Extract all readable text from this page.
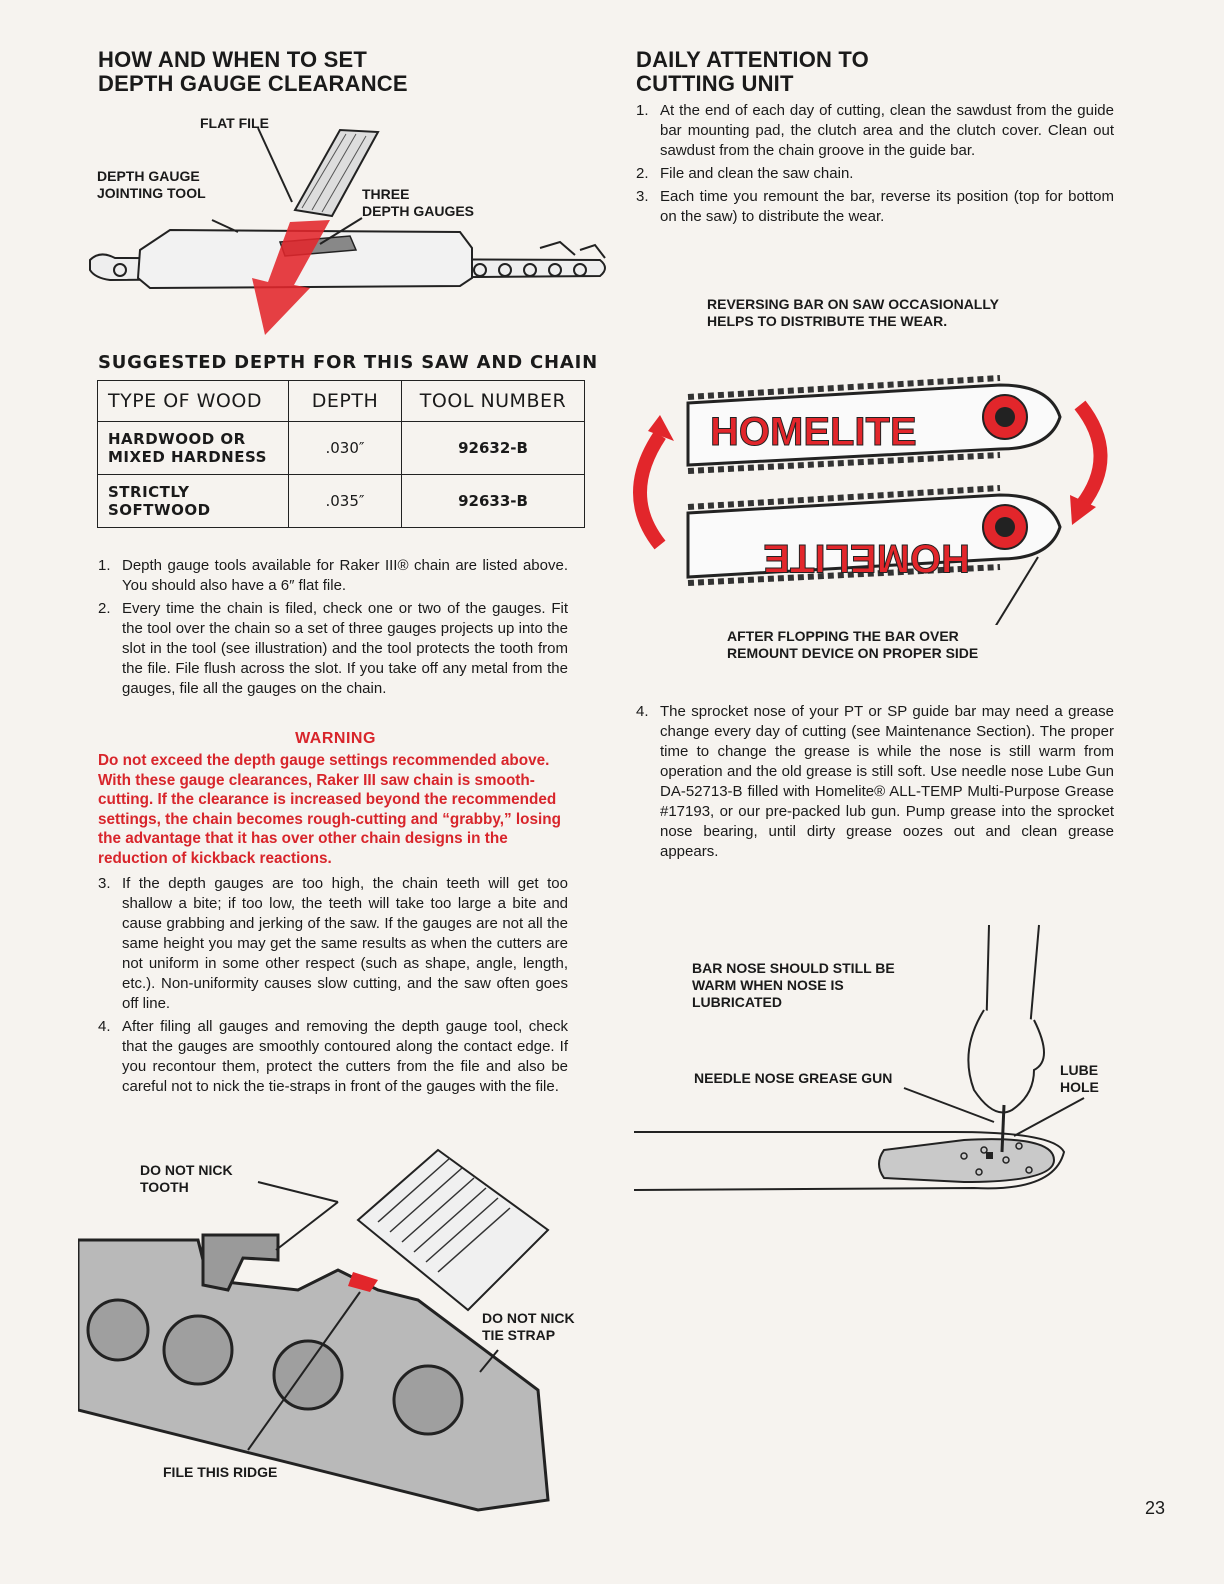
HOW AND WHEN TO SET
DEPTH GAUGE CLEARANCE
FLAT FILE
DEPTH GAUGE
JOINTING TOOL	THREE
DEPTH GAUGES
SUGGESTED DEPTH FOR THIS SAW AND CHAIN
TYPE OF WOOD	DEPTH	TOOL NUMBER
HARDWOOD OR
MIXED HARDNESS	.030″	92632-B
STRICTLY
SOFTWOOD	.035″	92633-B
1. Depth gauge tools available for Raker III® chain are listed above. You should also have a 6″ flat file.
2. Every time the chain is filed, check one or two of the gauges. Fit the tool over the chain so a set of three gauges projects up into the slot in the tool (see illustration) and the tool protects the tooth from the file. File flush across the slot. If you take off any metal from the gauges, file all the gauges on the chain.
WARNING
Do not exceed the depth gauge settings recommended above. With these gauge clearances, Raker III saw chain is smooth-cutting. If the clearance is increased beyond the recommended settings, the chain becomes rough-cutting and “grabby,” losing the advantage that it has over other chain designs in the reduction of kickback reactions.
3. If the depth gauges are too high, the chain teeth will get too shallow a bite; if too low, the teeth will take too large a bite and cause grabbing and jerking of the saw. If the gauges are not all the same height you may get the same results as when the cutters are not uniform in some other respect (such as shape, angle, length, etc.). Non-uniformity causes slow cutting, and the saw often goes off line.
4. After filing all gauges and removing the depth gauge tool, check that the gauges are smoothly contoured along the contact edge. If you recontour them, protect the cutters from the file and also be careful not to nick the tie-straps in front of the gauges with the file.
DO NOT NICK
TOOTH
DO NOT NICK
TIE STRAP
FILE THIS RIDGE
DAILY ATTENTION TO
CUTTING UNIT
1. At the end of each day of cutting, clean the sawdust from the guide bar mounting pad, the clutch area and the clutch cover. Clean out sawdust from the chain groove in the guide bar.
2. File and clean the saw chain.
3. Each time you remount the bar, reverse its position (top for bottom on the saw) to distribute the wear.
REVERSING BAR ON SAW OCCASIONALLY
HELPS TO DISTRIBUTE THE WEAR.
HOMELITE
HOMELITE
AFTER FLOPPING THE BAR OVER
REMOUNT DEVICE ON PROPER SIDE
4. The sprocket nose of your PT or SP guide bar may need a grease change every day of cutting (see Maintenance Section). The proper time to change the grease is while the nose is still warm from operation and the old grease is still soft. Use needle nose Lube Gun DA-52713-B filled with Homelite® ALL-TEMP Multi-Purpose Grease #17193, or our pre-packed lub gun. Pump grease into the sprocket nose bearing, until dirty grease oozes out and clean grease appears.
BAR NOSE SHOULD STILL BE
WARM WHEN NOSE IS
LUBRICATED
NEEDLE NOSE GREASE GUN	LUBE
HOLE
23
